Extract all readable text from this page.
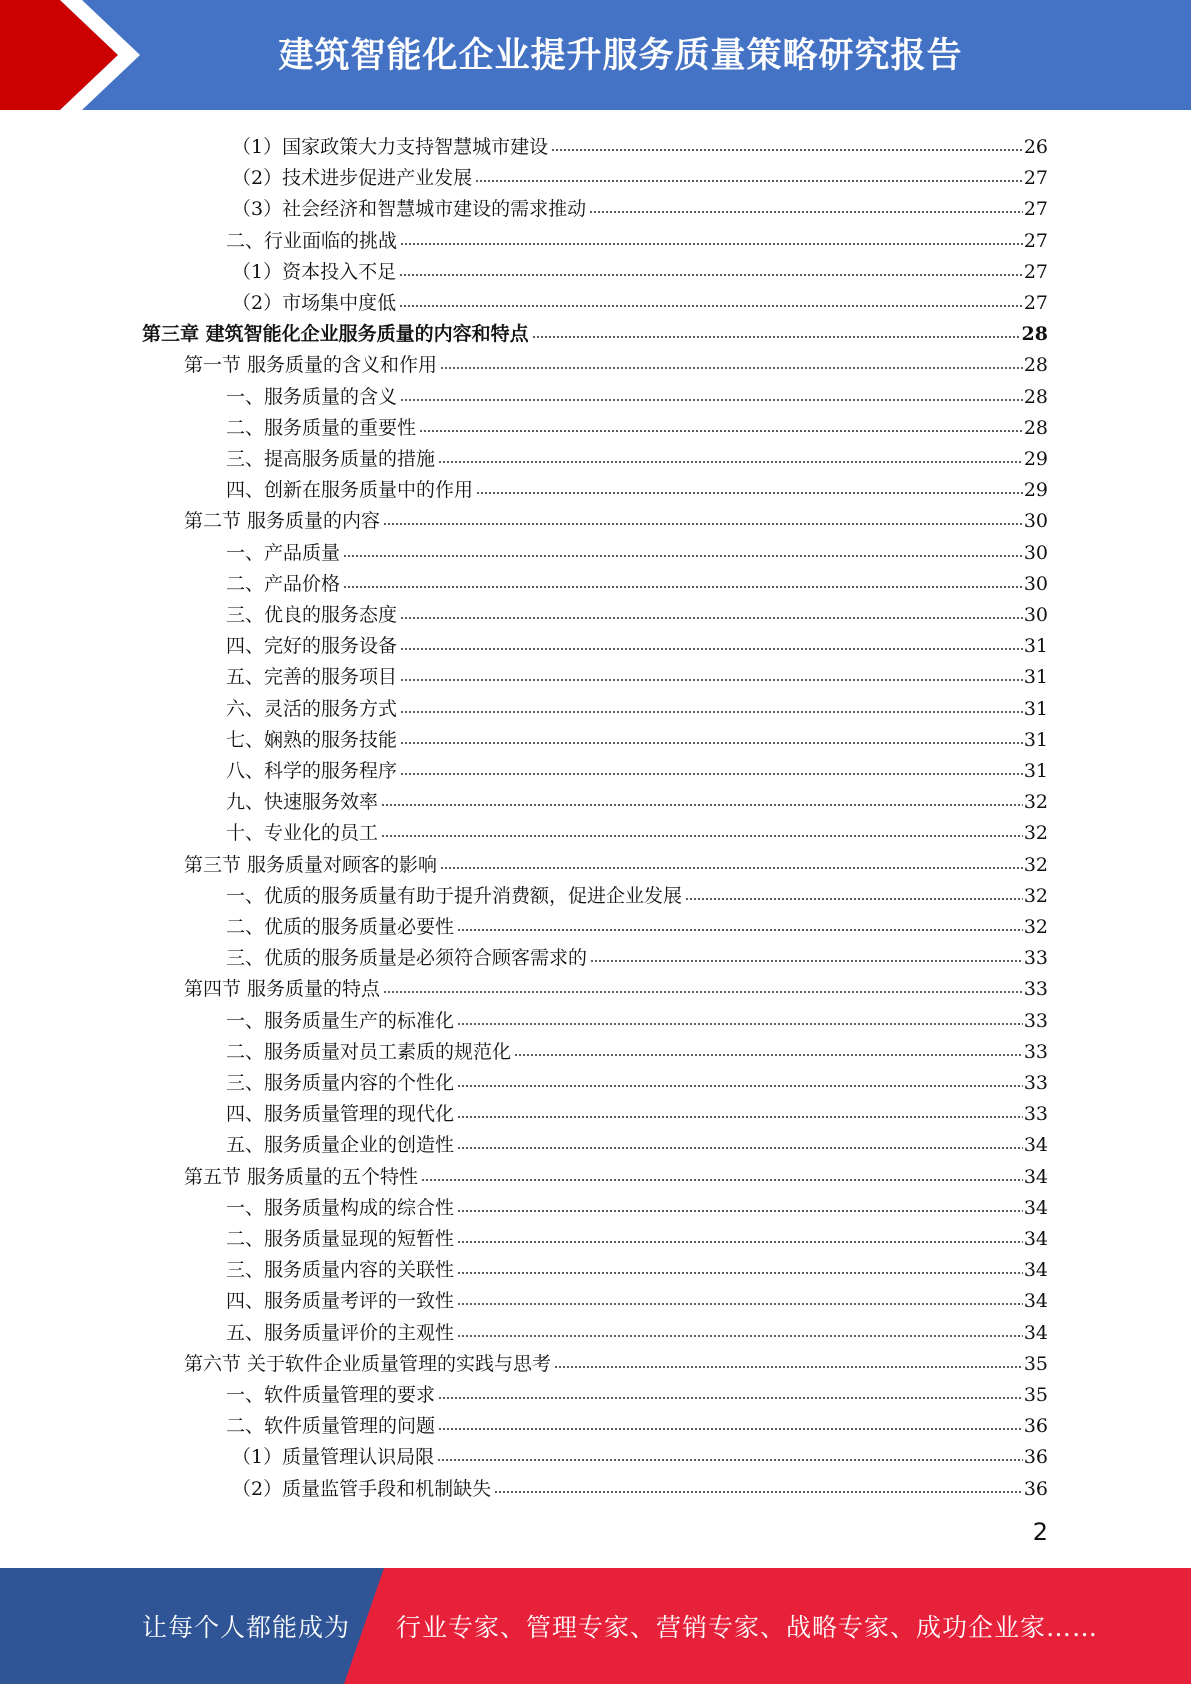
建筑智能化企业提升服务质量策略研究报告
（1）国家政策大力支持智慧城市建设	26
（2）技术进步促进产业发展	27
（3）社会经济和智慧城市建设的需求推动	27
二、行业面临的挑战	27
（1）资本投入不足	27
（2）市场集中度低	27
第三章 建筑智能化企业服务质量的内容和特点	28
第一节 服务质量的含义和作用	28
一、服务质量的含义	28
二、服务质量的重要性	28
三、提高服务质量的措施	29
四、创新在服务质量中的作用	29
第二节 服务质量的内容	30
一、产品质量	30
二、产品价格	30
三、优良的服务态度	30
四、完好的服务设备	31
五、完善的服务项目	31
六、灵活的服务方式	31
七、娴熟的服务技能	31
八、科学的服务程序	31
九、快速服务效率	32
十、专业化的员工	32
第三节 服务质量对顾客的影响	32
一、优质的服务质量有助于提升消费额，促进企业发展	32
二、优质的服务质量必要性	32
三、优质的服务质量是必须符合顾客需求的	33
第四节 服务质量的特点	33
一、服务质量生产的标准化	33
二、服务质量对员工素质的规范化	33
三、服务质量内容的个性化	33
四、服务质量管理的现代化	33
五、服务质量企业的创造性	34
第五节 服务质量的五个特性	34
一、服务质量构成的综合性	34
二、服务质量显现的短暂性	34
三、服务质量内容的关联性	34
四、服务质量考评的一致性	34
五、服务质量评价的主观性	34
第六节 关于软件企业质量管理的实践与思考	35
一、软件质量管理的要求	35
二、软件质量管理的问题	36
（1）质量管理认识局限	36
（2）质量监管手段和机制缺失	36
2
让每个人都能成为 行业专家、管理专家、营销专家、战略专家、成功企业家……
